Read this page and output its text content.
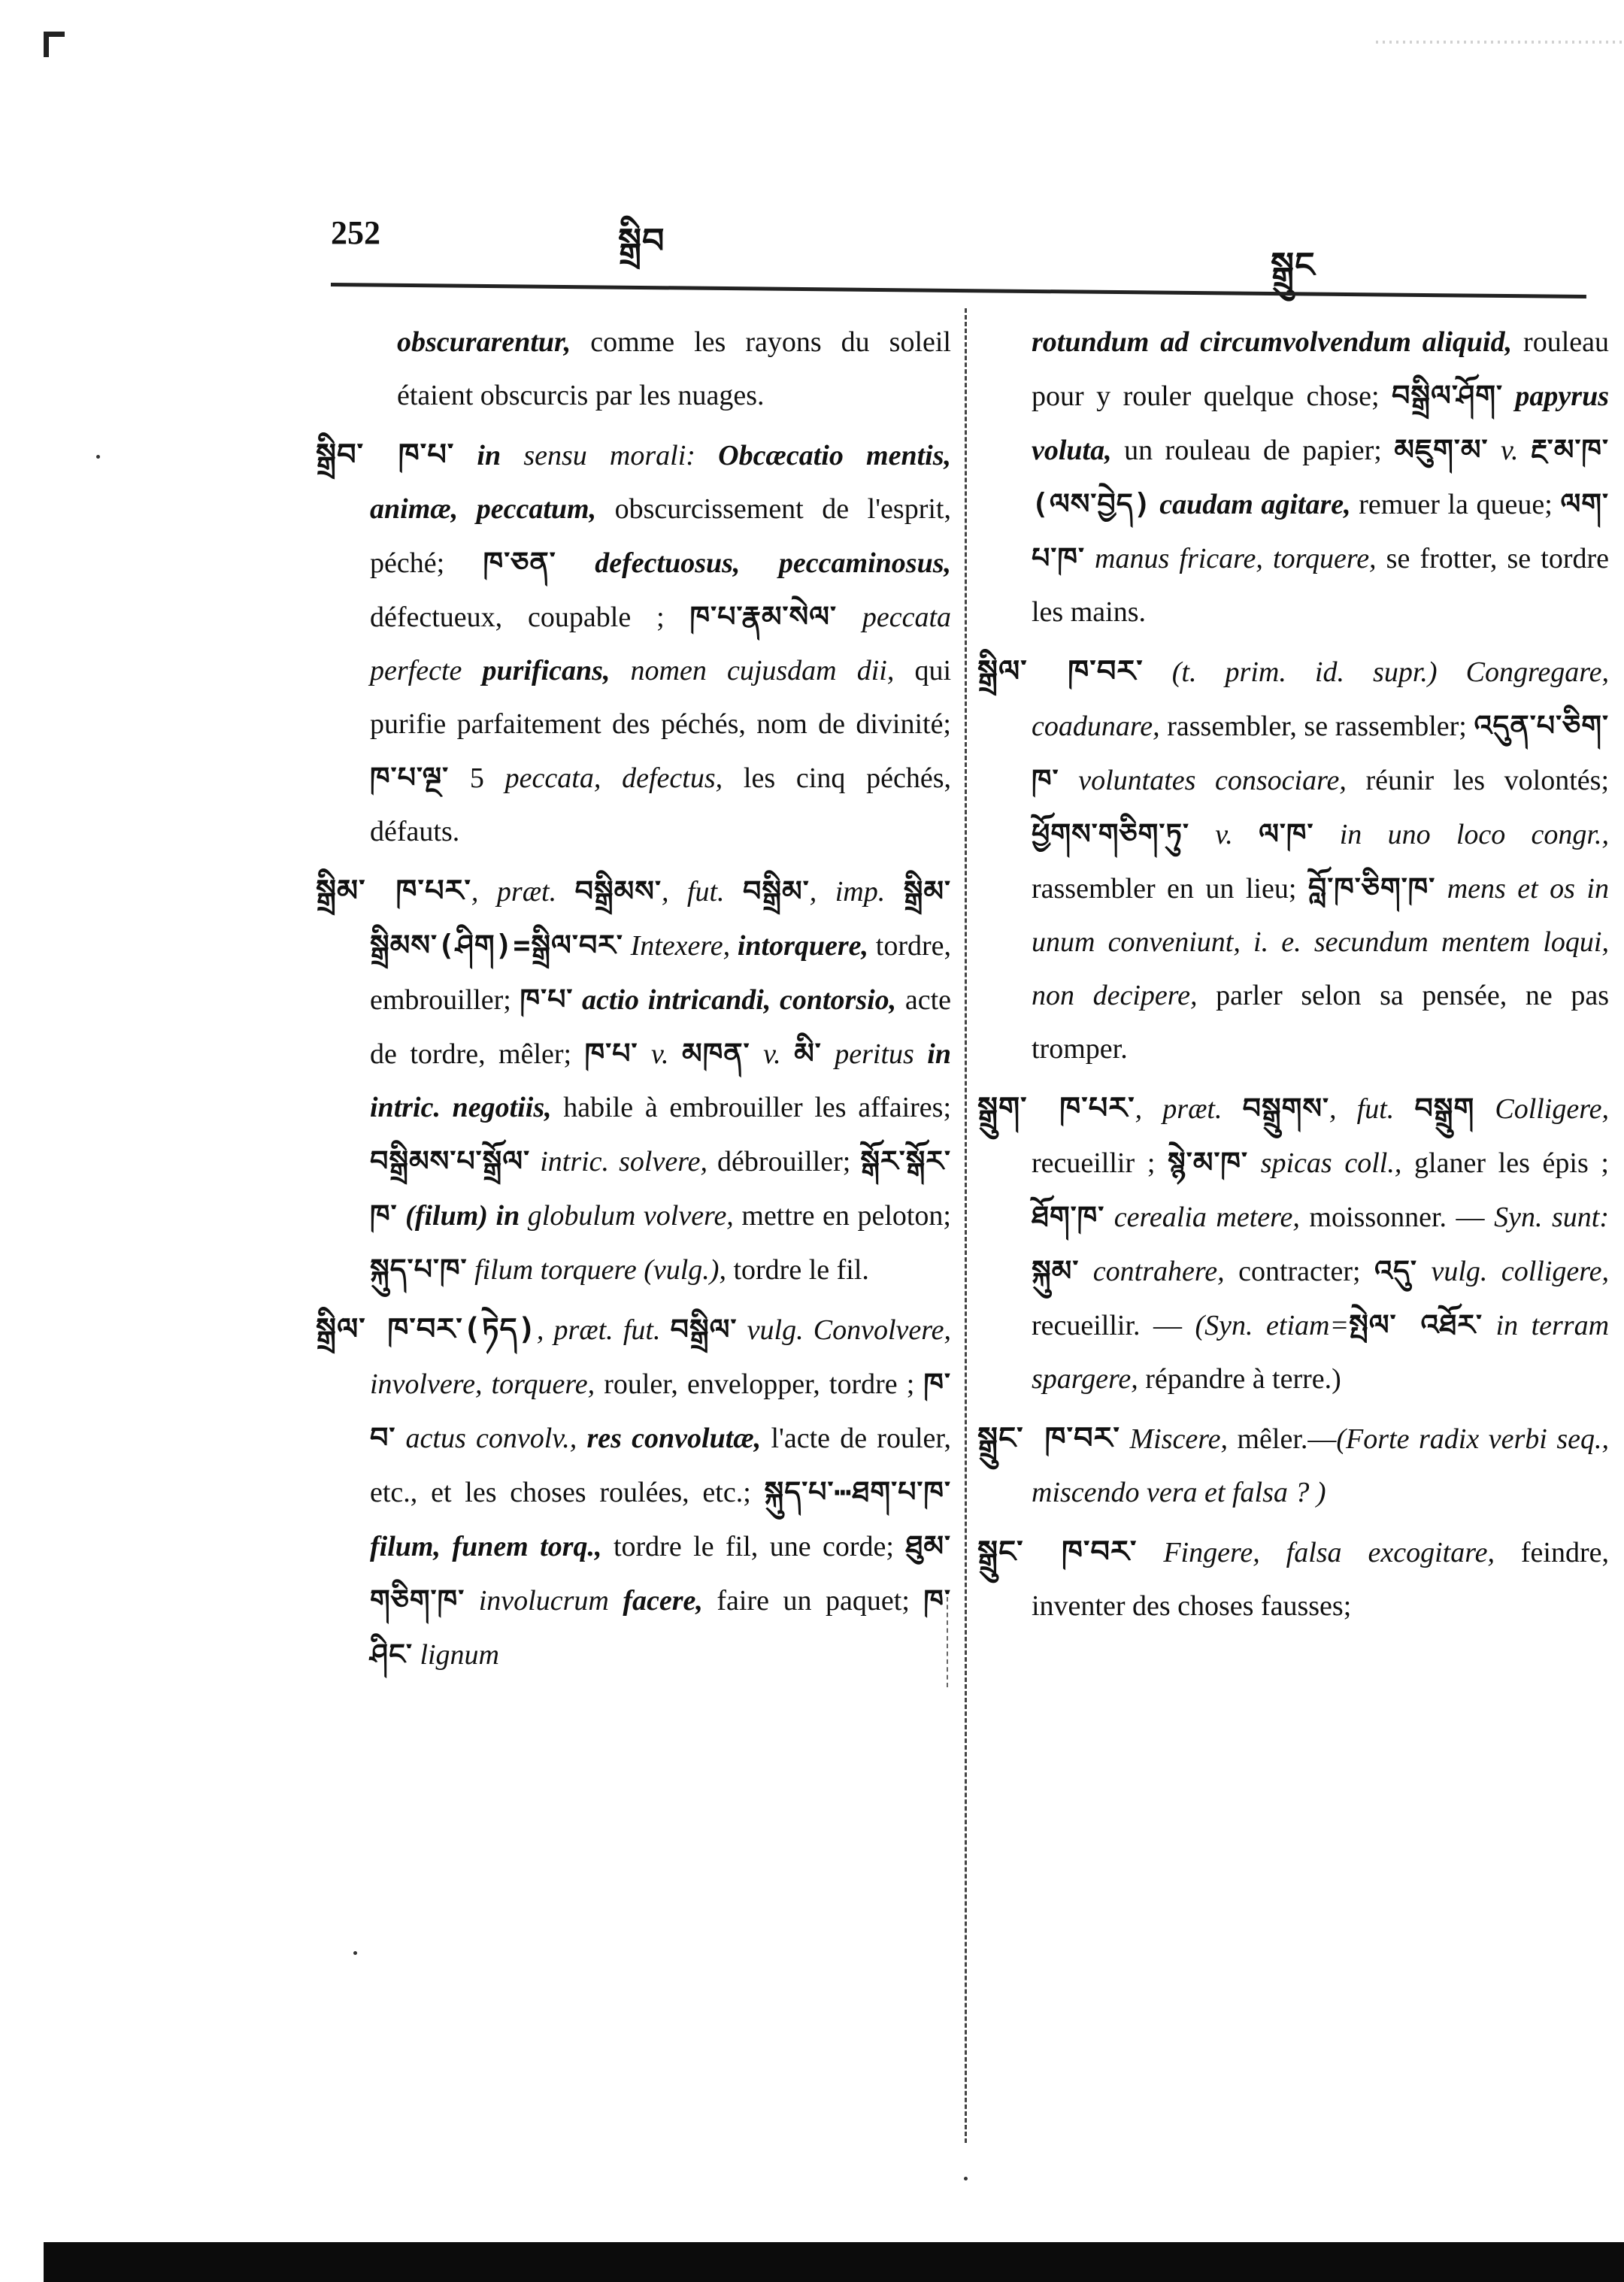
252	སྒྲིབ
སྒྲུང

obscurarentur, comme les rayons du soleil étaient obscurcis par les nuages.

སྒྲིབ་ ཁ་པ་ in sensu morali: Obcæcatio mentis, animæ, peccatum, obscurcissement de l'esprit, péché; ཁ་ཅན་ defectuosus, peccaminosus, défectueux, coupable ; ཁ་པ་རྣམ་སེལ་ peccata perfecte purificans, nomen cujusdam dii, qui purifie parfaitement des péchés, nom de divinité; ཁ་པ་ལྔ་ 5 peccata, defectus, les cinq péchés, défauts.

སྒྲིམ་ ཁ་པར་, præt. བསྒྲིམས་, fut. བསྒྲིམ་, imp. སྒྲིམ་ སྒྲིམས་(ཤིག)=སྒྲིལ་བར་ Intexere, intorquere, tordre, embrouiller; ཁ་པ་ actio intricandi, contorsio, acte de tordre, mêler; ཁ་པ་ v. མཁན་ v. མི་ peritus in intric. negotiis, habile à embrouiller les affaires; བསྒྲིམས་པ་སྒྲོལ་ intric. solvere, débrouiller; སྒོར་སྒོར་ཁ་ (filum) in globulum volvere, mettre en peloton; སྐུད་པ་ཁ་ filum torquere (vulg.), tordre le fil.

སྒྲིལ་ ཁ་བར་(ཏེད), præt. fut. བསྒྲིལ་ vulg. Convolvere, involvere, torquere, rouler, envelopper, tordre ; ཁ་བ་ actus convolv., res convolutæ, l'acte de rouler, etc., et les choses roulées, etc.; སྐུད་པ་⋯ཐག་པ་ཁ་ filum, funem torq., tordre le fil, une corde; ཐུམ་གཅིག་ཁ་ involucrum facere, faire un paquet; ཁ་ཤིང་ lignum

rotundum ad circumvolvendum aliquid, rouleau pour y rouler quelque chose; བསྒྲིལ་ཤོག་ papyrus voluta, un rouleau de papier; མཇུག་མ་ v. རྔ་མ་ཁ་(ལས་བྱེད) caudam agitare, remuer la queue; ལག་པ་ཁ་ manus fricare, torquere, se frotter, se tordre les mains.

སྒྲིལ་ ཁ་བར་ (t. prim. id. supr.) Congregare, coadunare, rassembler, se rassembler; འདུན་པ་ཅིག་ཁ་ voluntates consociare, réunir les volontés; ཕྱོགས་གཅིག་ཏུ་ v. ལ་ཁ་ in uno loco congr., rassembler en un lieu; བློ་ཁ་ཅིག་ཁ་ mens et os in unum conveniunt, i. e. secundum mentem loqui, non decipere, parler selon sa pensée, ne pas tromper.

སྒྲུག་ ཁ་པར་, præt. བསྒྲུགས་, fut. བསྒྲུག Colligere, recueillir ; སྙེ་མ་ཁ་ spicas coll., glaner les épis ; ཐོག་ཁ་ cerealia metere, moissonner. — Syn. sunt: སྐུམ་ contrahere, contracter; འདུ་ vulg. colligere, recueillir. — (Syn. etiam=སྤེལ་ འཐོར་ in terram spargere, répandre à terre.)

སྒྲུང་ ཁ་བར་ Miscere, mêler.—(Forte radix verbi seq., miscendo vera et falsa ? )

སྒྲུང་ ཁ་བར་ Fingere, falsa excogitare, feindre, inventer des choses fausses;
